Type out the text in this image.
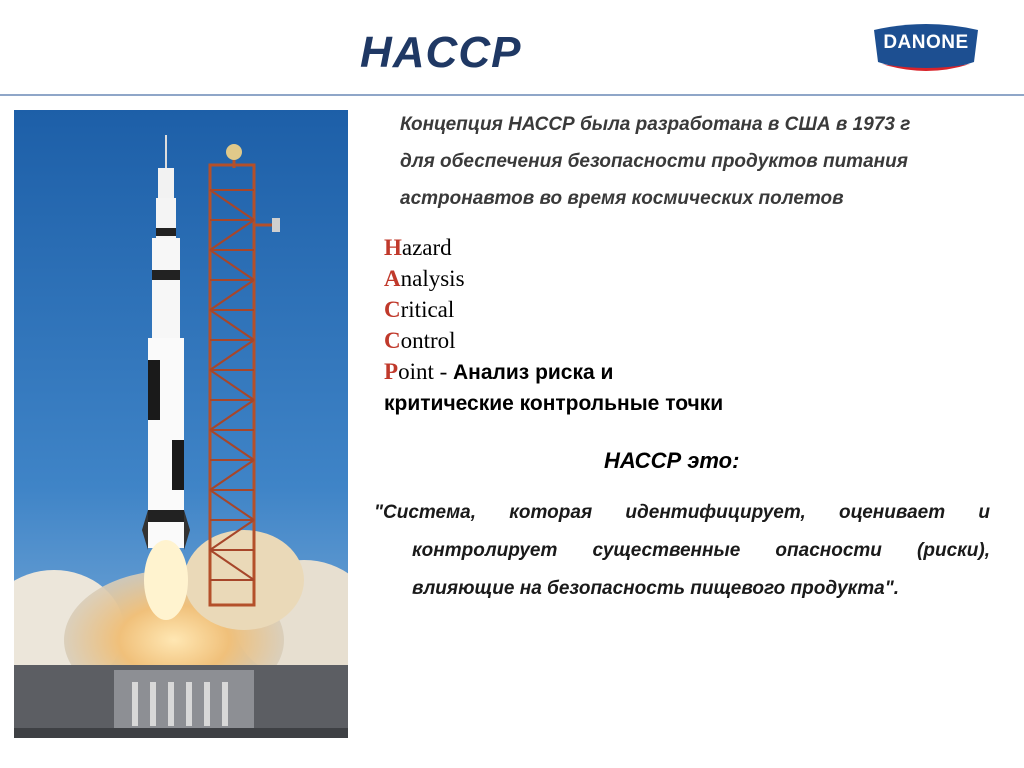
HACCP	DANONE

Концепция НАССР была разработана в США в 1973 г

для обеспечения безопасности продуктов питания

астронавтов во время космических полетов

Hazard
Analysis
Critical
Control
Point - Анализ риска и
критические контрольные точки
НАССР это:
"Система, которая идентифицирует, оценивает и контролирует существенные опасности (риски), влияющие на безопасность пищевого продукта".
